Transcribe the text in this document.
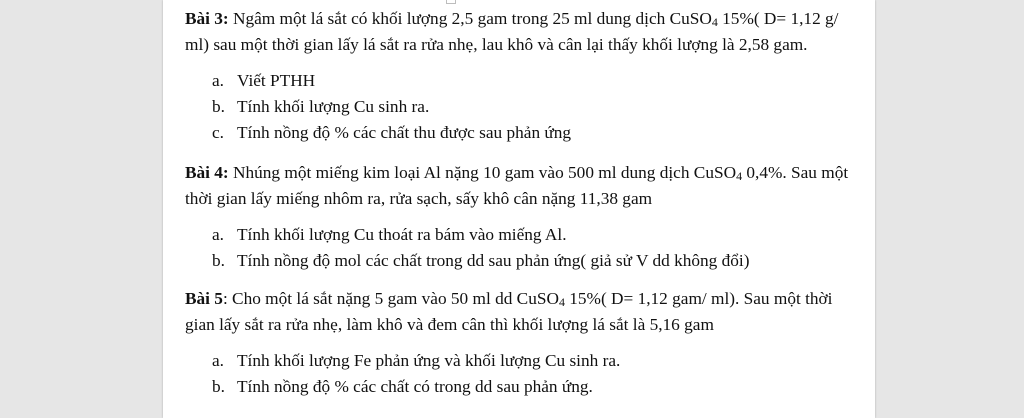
Bài 3: Ngâm một lá sắt có khối lượng 2,5 gam trong 25 ml dung dịch CuSO$_4$ 15%( D= 1,12 g/ ml) sau một thời gian lấy lá sắt ra rửa nhẹ, lau khô và cân lại thấy khối lượng là 2,58 gam.

a. Viết PTHH
b. Tính khối lượng Cu sinh ra.
c. Tính nồng độ % các chất thu được sau phản ứng

Bài 4: Nhúng một miếng kim loại Al nặng 10 gam vào 500 ml dung dịch CuSO$_4$ 0,4%. Sau một thời gian lấy miếng nhôm ra, rửa sạch, sấy khô cân nặng 11,38 gam

a. Tính khối lượng Cu thoát ra bám vào miếng Al.
b. Tính nồng độ mol các chất trong dd sau phản ứng( giả sử V dd không đổi)

Bài 5: Cho một lá sắt nặng 5 gam vào 50 ml dd CuSO$_4$ 15%( D= 1,12 gam/ ml). Sau một thời gian lấy sắt ra rửa nhẹ, làm khô và đem cân thì khối lượng lá sắt là 5,16 gam

a. Tính khối lượng Fe phản ứng và khối lượng Cu sinh ra.
b. Tính nồng độ % các chất có trong dd sau phản ứng.
